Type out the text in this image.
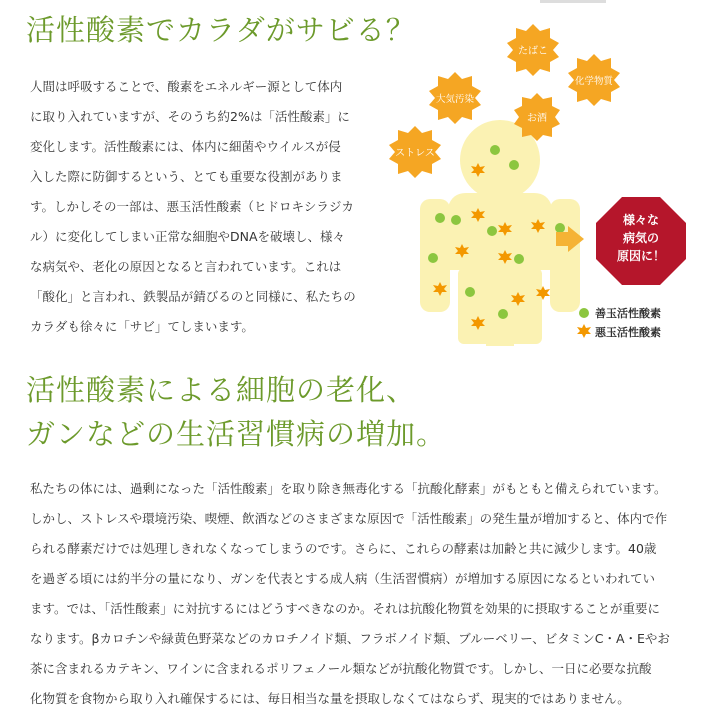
活性酸素でカラダがサビる？
人間は呼吸することで、酸素をエネルギー源として体内
に取り入れていますが、そのうち約2%は「活性酸素」に
変化します。活性酸素には、体内に細菌やウイルスが侵
入した際に防御するという、とても重要な役割がありま
す。しかしその一部は、悪玉活性酸素（ヒドロキシラジカ
ル）に変化してしまい正常な細胞やDNAを破壊し、様々
な病気や、老化の原因となると言われています。これは
「酸化」と言われ、鉄製品が錆びるのと同様に、私たちの
カラダも徐々に「サビ」てしまいます。
たばこ
大気汚染
化学物質
お酒
ストレス
様々な
病気の
原因に！
善玉活性酸素
悪玉活性酸素
活性酸素による細胞の老化、
ガンなどの生活習慣病の増加。
私たちの体には、過剰になった「活性酸素」を取り除き無毒化する「抗酸化酵素」がもともと備えられています。
しかし、ストレスや環境汚染、喫煙、飲酒などのさまざまな原因で「活性酸素」の発生量が増加すると、体内で作
られる酵素だけでは処理しきれなくなってしまうのです。さらに、これらの酵素は加齢と共に減少します。40歳
を過ぎる頃には約半分の量になり、ガンを代表とする成人病（生活習慣病）が増加する原因になるといわれてい
ます。では、「活性酸素」に対抗するにはどうすべきなのか。それは抗酸化物質を効果的に摂取することが重要に
なります。βカロチンや緑黄色野菜などのカロチノイド類、フラボノイド類、ブルーベリー、ビタミンC・A・Eやお
茶に含まれるカテキン、ワインに含まれるポリフェノール類などが抗酸化物質です。しかし、一日に必要な抗酸
化物質を食物から取り入れ確保するには、毎日相当な量を摂取しなくてはならず、現実的ではありません。
